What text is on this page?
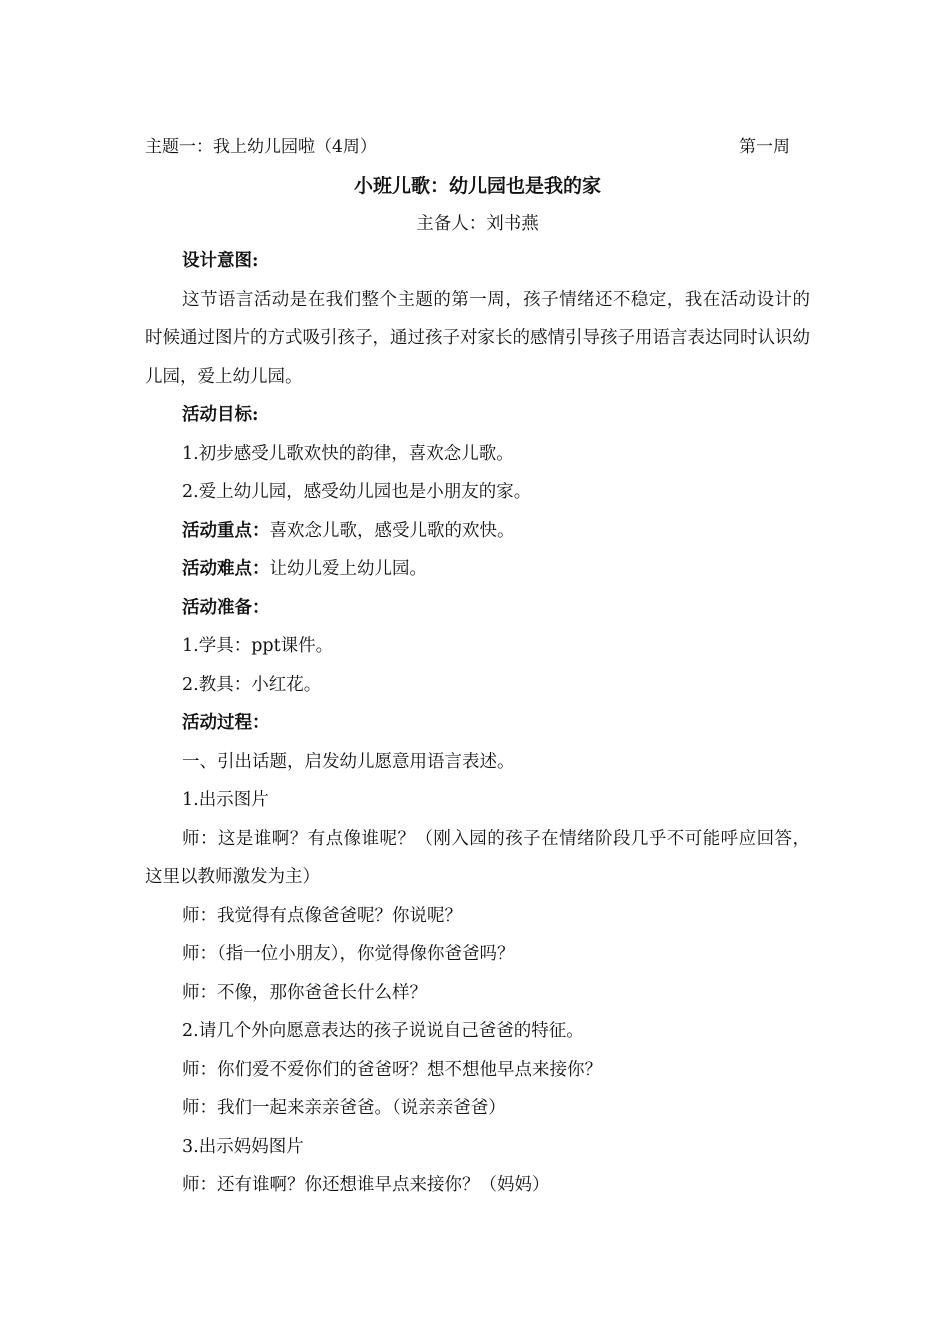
主题一：我上幼儿园啦（4周）	第一周
小班儿歌：幼儿园也是我的家
主备人：刘书燕

设计意图:

这节语言活动是在我们整个主题的第一周，孩子情绪还不稳定，我在活动设计的时候通过图片的方式吸引孩子，通过孩子对家长的感情引导孩子用语言表达同时认识幼儿园，爱上幼儿园。

活动目标:

1.初步感受儿歌欢快的韵律，喜欢念儿歌。

2.爱上幼儿园，感受幼儿园也是小朋友的家。

活动重点：喜欢念儿歌，感受儿歌的欢快。

活动难点：让幼儿爱上幼儿园。

活动准备：

1.学具：ppt课件。

2.教具：小红花。

活动过程：

一、引出话题，启发幼儿愿意用语言表述。

1.出示图片

师：这是谁啊？有点像谁呢？（刚入园的孩子在情绪阶段几乎不可能呼应回答，这里以教师激发为主）

师：我觉得有点像爸爸呢？你说呢？

师：（指一位小朋友），你觉得像你爸爸吗？

师：不像，那你爸爸长什么样？

2.请几个外向愿意表达的孩子说说自己爸爸的特征。

师：你们爱不爱你们的爸爸呀？想不想他早点来接你？

师：我们一起来亲亲爸爸。（说亲亲爸爸）

3.出示妈妈图片

师：还有谁啊？你还想谁早点来接你？（妈妈）
